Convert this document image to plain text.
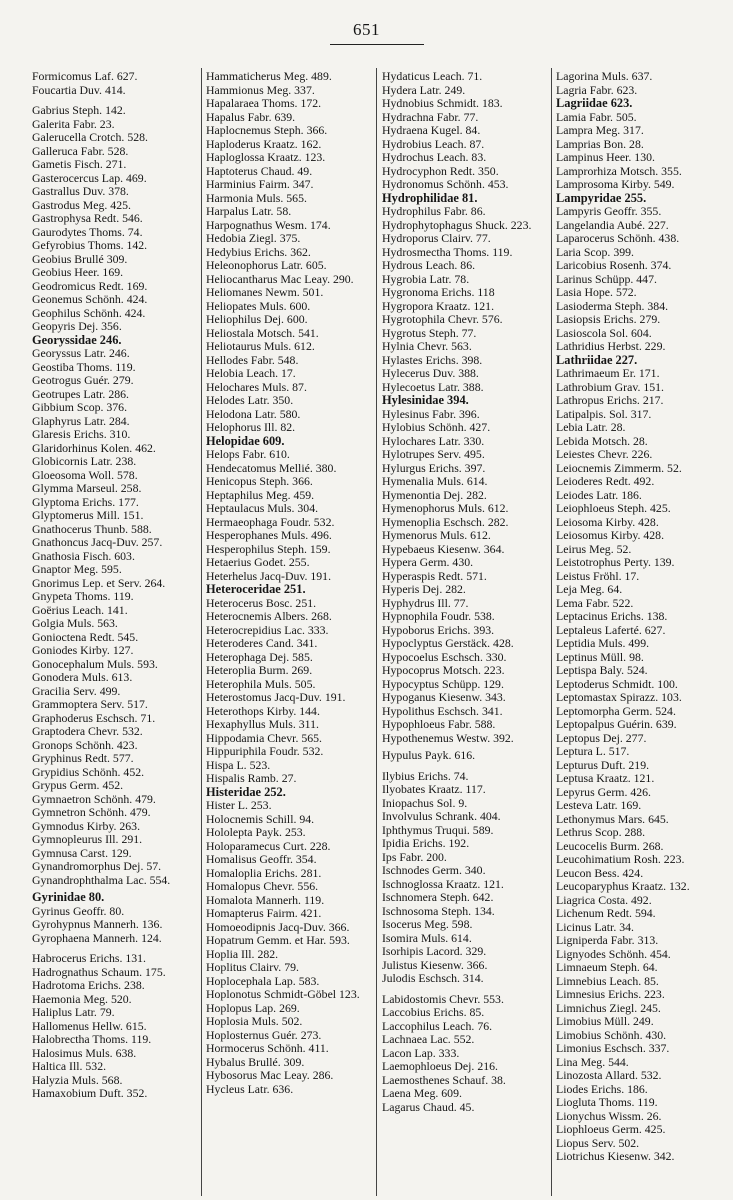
651
Formicomus Laf. 627.
Foucartia Duv. 414.
Gabrius Steph. 142.
Galerita Fabr. 23.
Galerucella Crotch. 528.
Galleruca Fabr. 528.
Gametis Fisch. 271.
Gasterocercus Lap. 469.
Gastrallus Duv. 378.
Gastrodus Meg. 425.
Gastrophysa Redt. 546.
Gaurodytes Thoms. 74.
Gefyrobius Thoms. 142.
Geobius Brullé 309.
Geobius Heer. 169.
Geodromicus Redt. 169.
Geonemus Schönh. 424.
Geophilus Schönh. 424.
Geopyris Dej. 356.
Georyssidae 246.
Georyssus Latr. 246.
Geostiba Thoms. 119.
Geotrogus Guér. 279.
Geotrupes Latr. 286.
Gibbium Scop. 376.
Glaphyrus Latr. 284.
Glaresis Erichs. 310.
Glaridorhinus Kolen. 462.
Globicornis Latr. 238.
Gloeosoma Woll. 578.
Glymma Marseul. 258.
Glyptoma Erichs. 177.
Glyptomerus Mill. 151.
Gnathocerus Thunb. 588.
Gnathoncus Jacq-Duv. 257.
Gnathosia Fisch. 603.
Gnaptor Meg. 595.
Gnorimus Lep. et Serv. 264.
Gnypeta Thoms. 119.
Goërius Leach. 141.
Golgia Muls. 563.
Gonioctena Redt. 545.
Goniodes Kirby. 127.
Gonocephalum Muls. 593.
Gonodera Muls. 613.
Gracilia Serv. 499.
Grammoptera Serv. 517.
Graphoderus Eschsch. 71.
Graptodera Chevr. 532.
Gronops Schönh. 423.
Gryphinus Redt. 577.
Grypidius Schönh. 452.
Grypus Germ. 452.
Gymnaetron Schönh. 479.
Gymnetron Schönh. 479.
Gymnodus Kirby. 263.
Gymnopleurus Ill. 291.
Gymnusa Carst. 129.
Gynandromorphus Dej. 57.
Gynandrophthalma Lac. 554.
Gyrinidae 80.
Gyrinus Geoffr. 80.
Gyrohypnus Mannerh. 136.
Gyrophaena Mannerh. 124.
Habrocerus Erichs. 131.
Hadrognathus Schaum. 175.
Hadrotoma Erichs. 238.
Haemonia Meg. 520.
Haliplus Latr. 79.
Hallomenus Hellw. 615.
Halobrectha Thoms. 119.
Halosimus Muls. 638.
Haltica Ill. 532.
Halyzia Muls. 568.
Hamaxobium Duft. 352.
Hammaticherus Meg. 489.
Hammionus Meg. 337.
Hapalaraea Thoms. 172.
Hapalus Fabr. 639.
Haplocnemus Steph. 366.
Haploderus Kraatz. 162.
Haploglossa Kraatz. 123.
Haptoterus Chaud. 49.
Harminius Fairm. 347.
Harmonia Muls. 565.
Harpalus Latr. 58.
Harpognathus Wesm. 174.
Hedobia Ziegl. 375.
Hedybius Erichs. 362.
Heleonophorus Latr. 605.
Heliocantharus Mac Leay. 290.
Heliomanes Newm. 501.
Heliopates Muls. 600.
Heliophilus Dej. 600.
Heliostala Motsch. 541.
Heliotaurus Muls. 612.
Hellodes Fabr. 548.
Helobia Leach. 17.
Helochares Muls. 87.
Helodes Latr. 350.
Helodona Latr. 580.
Helophorus Ill. 82.
Helopidae 609.
Helops Fabr. 610.
Hendecatomus Mellié. 380.
Henicopus Steph. 366.
Heptaphilus Meg. 459.
Heptaulacus Muls. 304.
Hermaeophaga Foudr. 532.
Hesperophanes Muls. 496.
Hesperophilus Steph. 159.
Hetaerius Godet. 255.
Heterhelus Jacq-Duv. 191.
Heteroceridae 251.
Heterocerus Bosc. 251.
Heterocnemis Albers. 268.
Heterocrepidius Lac. 333.
Heteroderes Cand. 341.
Heterophaga Dej. 585.
Heteroplia Burm. 269.
Heterophila Muls. 505.
Heterostomus Jacq-Duv. 191.
Heterothops Kirby. 144.
Hexaphyllus Muls. 311.
Hippodamia Chevr. 565.
Hippuriphila Foudr. 532.
Hispa L. 523.
Hispalis Ramb. 27.
Histeridae 252.
Hister L. 253.
Holocnemis Schill. 94.
Hololepta Payk. 253.
Holoparamecus Curt. 228.
Homalisus Geoffr. 354.
Homaloplia Erichs. 281.
Homalopus Chevr. 556.
Homalota Mannerh. 119.
Homapterus Fairm. 421.
Homoeodipnis Jacq-Duv. 366.
Hopatrum Gemm. et Har. 593.
Hoplia Ill. 282.
Hoplitus Clairv. 79.
Hoplocephala Lap. 583.
Hoplonotus Schmidt-Göbel 123.
Hoplopus Lap. 269.
Hoplosia Muls. 502.
Hoplosternus Guér. 273.
Hormocerus Schönh. 411.
Hybalus Brullé. 309.
Hybosorus Mac Leay. 286.
Hycleus Latr. 636.
Hydaticus Leach. 71.
Hydera Latr. 249.
Hydnobius Schmidt. 183.
Hydrachna Fabr. 77.
Hydraena Kugel. 84.
Hydrobius Leach. 87.
Hydrochus Leach. 83.
Hydrocyphon Redt. 350.
Hydronomus Schönh. 453.
Hydrophilidae 81.
Hydrophilus Fabr. 86.
Hydrophytophagus Shuck. 223.
Hydroporus Clairv. 77.
Hydrosmectha Thoms. 119.
Hydrous Leach. 86.
Hygrobia Latr. 78.
Hygronoma Erichs. 118
Hygropora Kraatz. 121.
Hygrotophila Chevr. 576.
Hygrotus Steph. 77.
Hylnia Chevr. 563.
Hylastes Erichs. 398.
Hylecerus Duv. 388.
Hylecoetus Latr. 388.
Hylesinidae 394.
Hylesinus Fabr. 396.
Hylobius Schönh. 427.
Hylochares Latr. 330.
Hylotrupes Serv. 495.
Hylurgus Erichs. 397.
Hymenalia Muls. 614.
Hymenontia Dej. 282.
Hymenophorus Muls. 612.
Hymenoplia Eschsch. 282.
Hymenorus Muls. 612.
Hypebaeus Kiesenw. 364.
Hypera Germ. 430.
Hyperaspis Redt. 571.
Hyperis Dej. 282.
Hyphydrus Ill. 77.
Hypnophila Foudr. 538.
Hypoborus Erichs. 393.
Hypoclyptus Gerstäck. 428.
Hypocoelus Eschsch. 330.
Hypocoprus Motsch. 223.
Hypocyptus Schüpp. 129.
Hypoganus Kiesenw. 343.
Hypolithus Eschsch. 341.
Hypophloeus Fabr. 588.
Hypothenemus Westw. 392.
Hypulus Payk. 616.
Ilybius Erichs. 74.
Ilyobates Kraatz. 117.
Iniopachus Sol. 9.
Involvulus Schrank. 404.
Iphthymus Truqui. 589.
Ipidia Erichs. 192.
Ips Fabr. 200.
Ischnodes Germ. 340.
Ischnoglossa Kraatz. 121.
Ischnomera Steph. 642.
Ischnosoma Steph. 134.
Isocerus Meg. 598.
Isomira Muls. 614.
Isorhipis Lacord. 329.
Julistus Kiesenw. 366.
Julodis Eschsch. 314.
Labidostomis Chevr. 553.
Laccobius Erichs. 85.
Laccophilus Leach. 76.
Lachnaea Lac. 552.
Lacon Lap. 333.
Laemophloeus Dej. 216.
Laemosthenes Schauf. 38.
Laena Meg. 609.
Lagarus Chaud. 45.
Lagorina Muls. 637.
Lagria Fabr. 623.
Lagriidae 623.
Lamia Fabr. 505.
Lampra Meg. 317.
Lamprias Bon. 28.
Lampinus Heer. 130.
Lamprorhiza Motsch. 355.
Lamprosoma Kirby. 549.
Lampyridae 255.
Lampyris Geoffr. 355.
Langelandia Aubé. 227.
Laparocerus Schönh. 438.
Laria Scop. 399.
Laricobius Rosenh. 374.
Larinus Schüpp. 447.
Lasia Hope. 572.
Lasioderma Steph. 384.
Lasiopsis Erichs. 279.
Lasioscola Sol. 604.
Lathridius Herbst. 229.
Lathriidae 227.
Lathrimaeum Er. 171.
Lathrobium Grav. 151.
Lathropus Erichs. 217.
Latipalpis. Sol. 317.
Lebia Latr. 28.
Lebida Motsch. 28.
Leiestes Chevr. 226.
Leiocnemis Zimmerm. 52.
Leioderes Redt. 492.
Leiodes Latr. 186.
Leiophloeus Steph. 425.
Leiosoma Kirby. 428.
Leiosomus Kirby. 428.
Leirus Meg. 52.
Leistotrophus Perty. 139.
Leistus Fröhl. 17.
Leja Meg. 64.
Lema Fabr. 522.
Leptacinus Erichs. 138.
Leptaleus Laferté. 627.
Leptidia Muls. 499.
Leptinus Müll. 98.
Leptispa Baly. 524.
Leptoderus Schmidt. 100.
Leptomastax Spirazz. 103.
Leptomorpha Germ. 524.
Leptopalpus Guérin. 639.
Leptopus Dej. 277.
Leptura L. 517.
Lepturus Duft. 219.
Leptusa Kraatz. 121.
Lepyrus Germ. 426.
Lesteva Latr. 169.
Lethonymus Mars. 645.
Lethrus Scop. 288.
Leucocelis Burm. 268.
Leucohimatium Rosh. 223.
Leucon Bess. 424.
Leucoparyphus Kraatz. 132.
Liagrica Costa. 492.
Lichenum Redt. 594.
Licinus Latr. 34.
Ligniperda Fabr. 313.
Lignyodes Schönh. 454.
Limnaeum Steph. 64.
Limnebius Leach. 85.
Limnesius Erichs. 223.
Limnichus Ziegl. 245.
Limobius Müll. 249.
Limobius Schönh. 430.
Limonius Eschsch. 337.
Lina Meg. 544.
Linozosta Allard. 532.
Liodes Erichs. 186.
Liogluta Thoms. 119.
Lionychus Wissm. 26.
Liophloeus Germ. 425.
Liopus Serv. 502.
Liotrichus Kiesenw. 342.
